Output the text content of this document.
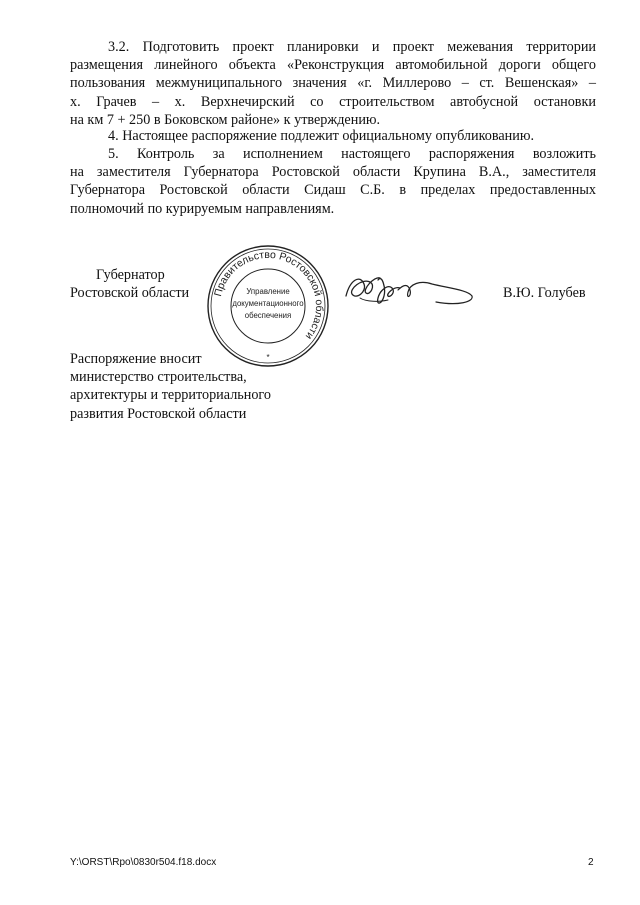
3.2. Подготовить проект планировки и проект межевания территории
размещения линейного объекта «Реконструкция автомобильной дороги общего
пользования межмуниципального значения «г. Миллерово – ст. Вешенская» –
х. Грачев – х. Верхнечирский со строительством автобусной остановки
на км 7 + 250 в Боковском районе» к утверждению.
4. Настоящее распоряжение подлежит официальному опубликованию.
5. Контроль за исполнением настоящего распоряжения возложить
на заместителя Губернатора Ростовской области Крупина В.А., заместителя
Губернатора Ростовской области Сидаш С.Б. в пределах предоставленных
полномочий по курируемым направлениям.

Губернатор

Ростовской области Правительство Ростовской области
Управление
документационного
обеспечения
*

В.Ю. Голубев

Распоряжение вносит
министерство строительства,
архитектуры и территориального
развития Ростовской области
Y:\ORST\Rpo\0830r504.f18.docx	2
